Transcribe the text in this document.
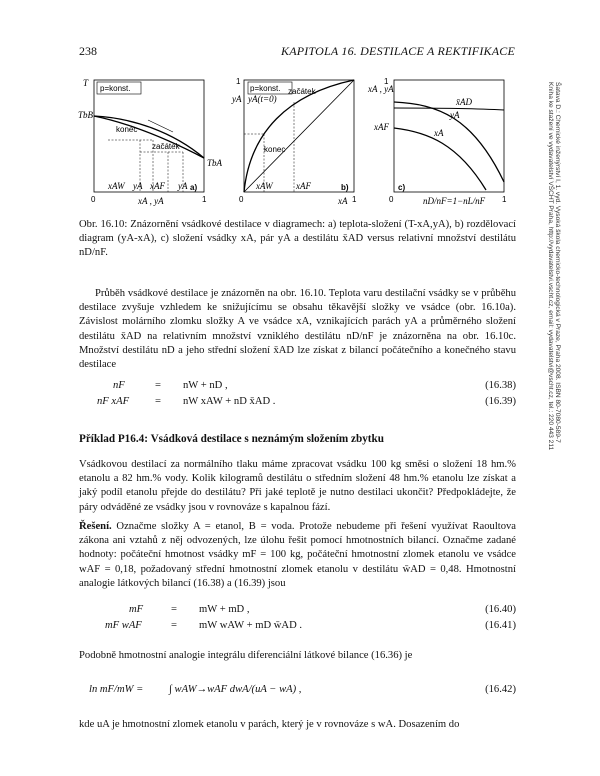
238	KAPITOLA 16. DESTILACE A REKTIFIKACE
Šatava D.: Chemické inženýrství I, 1. vyd. Vysoká škola chemicko-technologická v Praze, Praha 2008. ISBN 80-7080-589-7
Kniha ke stažení ve vydavatelství VŠCHT Praha, http://vydavatelstvi.vscht.cz, email: vydavatelstvi@vscht.cz, tel.: 220 443 211
T
p=konst.
TbB
TbA
konec
začátek
xAW yA xAF yA a)
0	1
xA , yA
1
p=konst.
yA yA(t=0)
začátek
konec
xAW	xAF	b)
0	1
xA
1
xA , yA
x̄AD
yA
xA
xAF
c)
0	1
nD/nF=1−nL/nF

Obr. 16.10: Znázornění vsádkové destilace v diagramech: a) teplota-složení (T-xA,yA), b) rozdělovací diagram (yA-xA), c) složení vsádky xA, pár yA a destilátu x̄AD versus relativní množství destilátu nD/nF.

Průběh vsádkové destilace je znázorněn na obr. 16.10. Teplota varu destilační vsádky se v průběhu destilace zvyšuje vzhledem ke snižujícímu se obsahu těkavější složky ve vsádce (obr. 16.10a). Závislost molárního zlomku složky A ve vsádce xA, vznikajících parách yA a průměrného složení destilátu x̄AD na relativním množství vzniklého destilátu nD/nF je znázorněna na obr. 16.10c. Množství destilátu nD a jeho střední složení x̄AD lze získat z bilancí počátečního a konečného stavu destilace
nF	= nW + nD ,	(16.38)
nF xAF = nW xAW + nD x̄AD .	(16.39)
Příklad P16.4: Vsádková destilace s neznámým složením zbytku
Vsádkovou destilací za normálního tlaku máme zpracovat vsádku 100 kg směsi o složení 18 hm.% etanolu a 82 hm.% vody. Kolik kilogramů destilátu o středním složení 48 hm.% etanolu lze získat a jaký podíl etanolu přejde do destilátu? Při jaké teplotě je nutno destilaci ukončit? Předpokládejte, že páry odváděné ze vsádky jsou v rovnováze s kapalnou fází.

Řešení. Označme složky A = etanol, B = voda. Protože nebudeme při řešení využívat Raoultova zákona ani vztahů z něj odvozených, lze úlohu řešit pomocí hmotnostních bilancí. Označme zadané hodnoty: počáteční hmotnost vsádky mF = 100 kg, počáteční hmotnostní zlomek etanolu ve vsádce wAF = 0,18, požadovaný střední hmotnostní zlomek etanolu v destilátu w̄AD = 0,48. Hmotnostní analogie látkových bilancí (16.38) a (16.39) jsou

mF	= mW + mD ,	(16.40)
mF wAF	= mW wAW + mD w̄AD .	(16.41)
Podobně hmotnostní analogie integrálu diferenciální látkové bilance (16.36) je
ln mF/mW = ∫ wAW→wAF dwA/(uA − wA) ,	(16.42)
kde uA je hmotnostní zlomek etanolu v parách, který je v rovnováze s wA. Dosazením do
